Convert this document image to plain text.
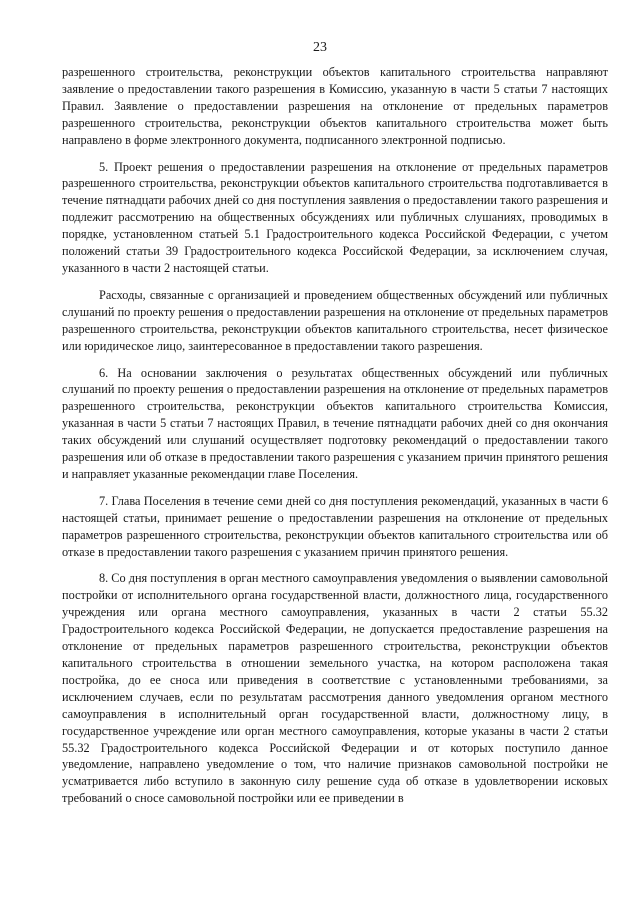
23

разрешенного строительства, реконструкции объектов капитального строительства направляют заявление о предоставлении такого разрешения в Комиссию, указанную в части 5 статьи 7 настоящих Правил. Заявление о предоставлении разрешения на отклонение от предельных параметров разрешенного строительства, реконструкции объектов капитального строительства может быть направлено в форме электронного документа, подписанного электронной подписью.

5. Проект решения о предоставлении разрешения на отклонение от предельных параметров разрешенного строительства, реконструкции объектов капитального строительства подготавливается в течение пятнадцати рабочих дней со дня поступления заявления о предоставлении такого разрешения и подлежит рассмотрению на общественных обсуждениях или публичных слушаниях, проводимых в порядке, установленном статьей 5.1 Градостроительного кодекса Российской Федерации, с учетом положений статьи 39 Градостроительного кодекса Российской Федерации, за исключением случая, указанного в части 2 настоящей статьи.

Расходы, связанные с организацией и проведением общественных обсуждений или публичных слушаний по проекту решения о предоставлении разрешения на отклонение от предельных параметров разрешенного строительства, реконструкции объектов капитального строительства, несет физическое или юридическое лицо, заинтересованное в предоставлении такого разрешения.

6. На основании заключения о результатах общественных обсуждений или публичных слушаний по проекту решения о предоставлении разрешения на отклонение от предельных параметров разрешенного строительства, реконструкции объектов капитального строительства Комиссия, указанная в части 5 статьи 7 настоящих Правил, в течение пятнадцати рабочих дней со дня окончания таких обсуждений или слушаний осуществляет подготовку рекомендаций о предоставлении такого разрешения или об отказе в предоставлении такого разрешения с указанием причин принятого решения и направляет указанные рекомендации главе Поселения.

7. Глава Поселения в течение семи дней со дня поступления рекомендаций, указанных в части 6 настоящей статьи, принимает решение о предоставлении разрешения на отклонение от предельных параметров разрешенного строительства, реконструкции объектов капитального строительства или об отказе в предоставлении такого разрешения с указанием причин принятого решения.

8. Со дня поступления в орган местного самоуправления уведомления о выявлении самовольной постройки от исполнительного органа государственной власти, должностного лица, государственного учреждения или органа местного самоуправления, указанных в части 2 статьи 55.32 Градостроительного кодекса Российской Федерации, не допускается предоставление разрешения на отклонение от предельных параметров разрешенного строительства, реконструкции объектов капитального строительства в отношении земельного участка, на котором расположена такая постройка, до ее сноса или приведения в соответствие с установленными требованиями, за исключением случаев, если по результатам рассмотрения данного уведомления органом местного самоуправления в исполнительный орган государственной власти, должностному лицу, в государственное учреждение или орган местного самоуправления, которые указаны в части 2 статьи 55.32 Градостроительного кодекса Российской Федерации и от которых поступило данное уведомление, направлено уведомление о том, что наличие признаков самовольной постройки не усматривается либо вступило в законную силу решение суда об отказе в удовлетворении исковых требований о сносе самовольной постройки или ее приведении в
